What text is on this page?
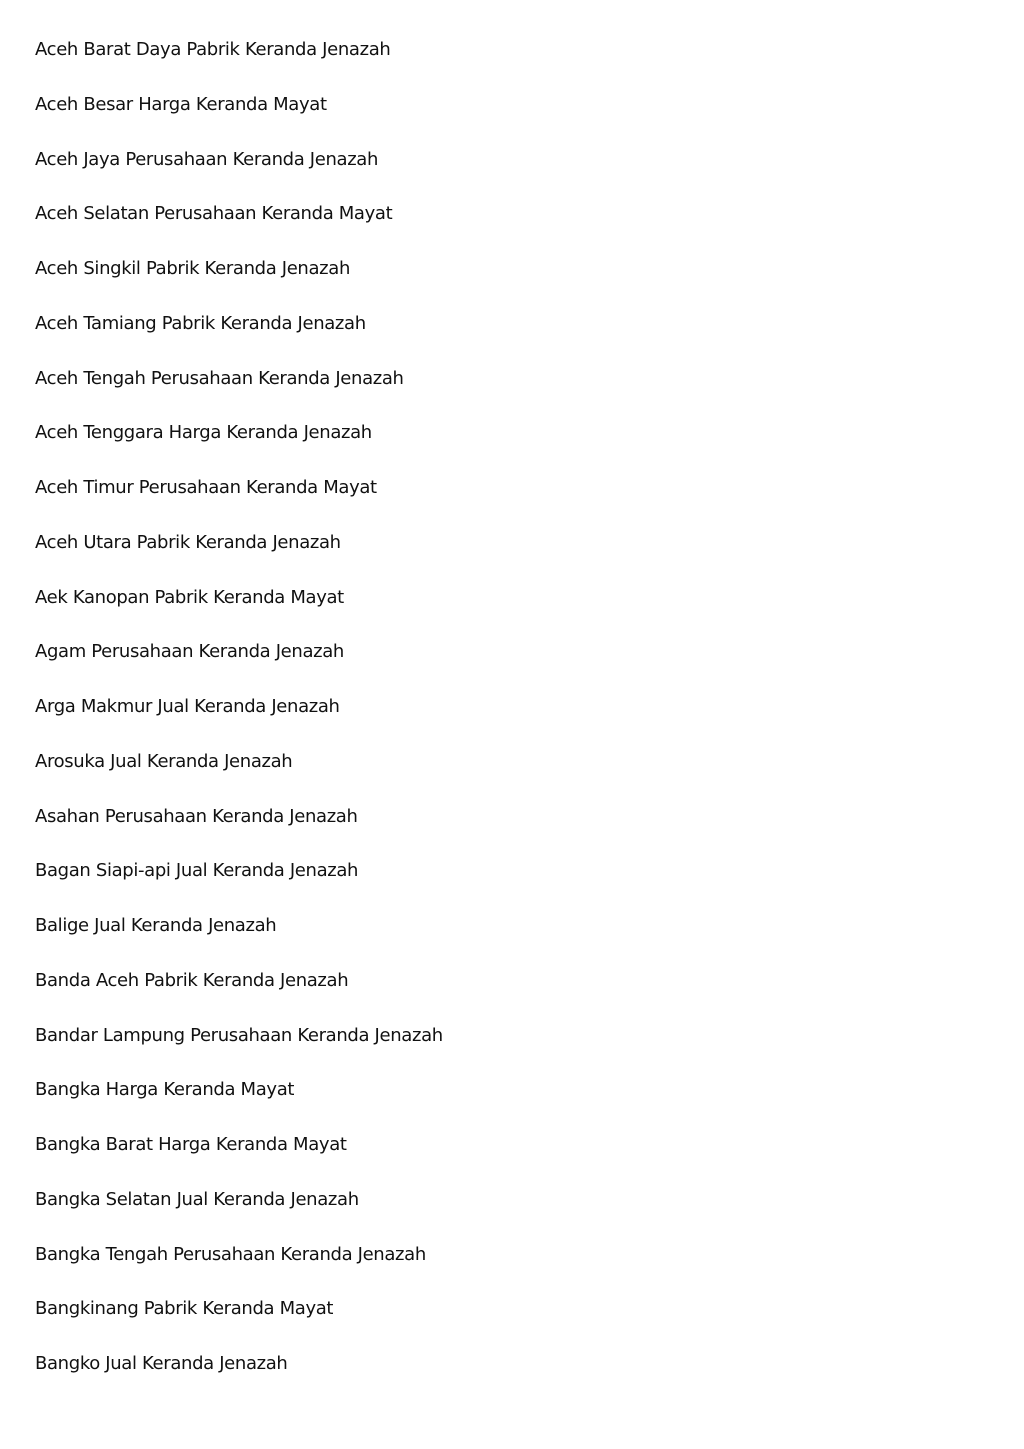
Aceh Barat Daya Pabrik Keranda Jenazah
Aceh Besar Harga Keranda Mayat
Aceh Jaya Perusahaan Keranda Jenazah
Aceh Selatan Perusahaan Keranda Mayat
Aceh Singkil Pabrik Keranda Jenazah
Aceh Tamiang Pabrik Keranda Jenazah
Aceh Tengah Perusahaan Keranda Jenazah
Aceh Tenggara Harga Keranda Jenazah
Aceh Timur Perusahaan Keranda Mayat
Aceh Utara Pabrik Keranda Jenazah
Aek Kanopan Pabrik Keranda Mayat
Agam Perusahaan Keranda Jenazah
Arga Makmur Jual Keranda Jenazah
Arosuka Jual Keranda Jenazah
Asahan Perusahaan Keranda Jenazah
Bagan Siapi-api Jual Keranda Jenazah
Balige Jual Keranda Jenazah
Banda Aceh Pabrik Keranda Jenazah
Bandar Lampung Perusahaan Keranda Jenazah
Bangka Harga Keranda Mayat
Bangka Barat Harga Keranda Mayat
Bangka Selatan Jual Keranda Jenazah
Bangka Tengah Perusahaan Keranda Jenazah
Bangkinang Pabrik Keranda Mayat
Bangko Jual Keranda Jenazah
